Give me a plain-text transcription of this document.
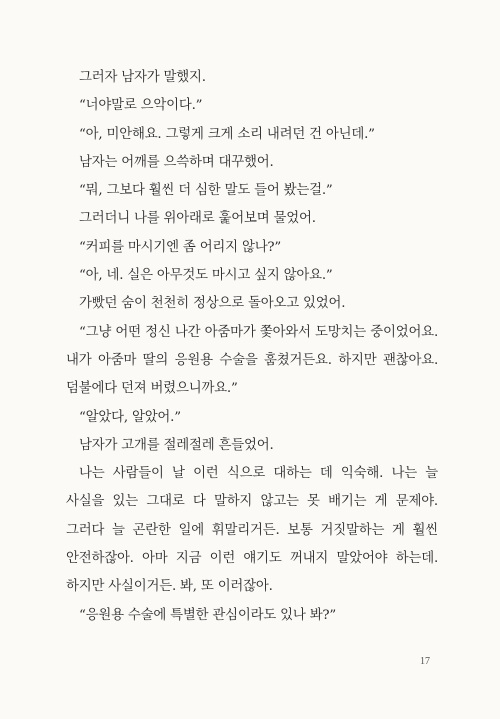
그러자 남자가 말했지.

“너야말로 으악이다.”

“아, 미안해요. 그렇게 크게 소리 내려던 건 아닌데.”

남자는 어깨를 으쓱하며 대꾸했어.

“뭐, 그보다 훨씬 더 심한 말도 들어 봤는걸.”

그러더니 나를 위아래로 훑어보며 물었어.

“커피를 마시기엔 좀 어리지 않나?”

“아, 네. 실은 아무것도 마시고 싶지 않아요.”

가빴던 숨이 천천히 정상으로 돌아오고 있었어.

“그냥 어떤 정신 나간 아줌마가 쫓아와서 도망치는 중이었어요. 내가 아줌마 딸의 응원용 수술을 훔쳤거든요. 하지만 괜찮아요. 덤불에다 던져 버렸으니까요.”

“알았다, 알았어.”

남자가 고개를 절레절레 흔들었어.

나는 사람들이 날 이런 식으로 대하는 데 익숙해. 나는 늘 사실을 있는 그대로 다 말하지 않고는 못 배기는 게 문제야. 그러다 늘 곤란한 일에 휘말리거든. 보통 거짓말하는 게 훨씬 안전하잖아. 아마 지금 이런 얘기도 꺼내지 말았어야 하는데. 하지만 사실이거든. 봐, 또 이러잖아.

“응원용 수술에 특별한 관심이라도 있나 봐?”

17
